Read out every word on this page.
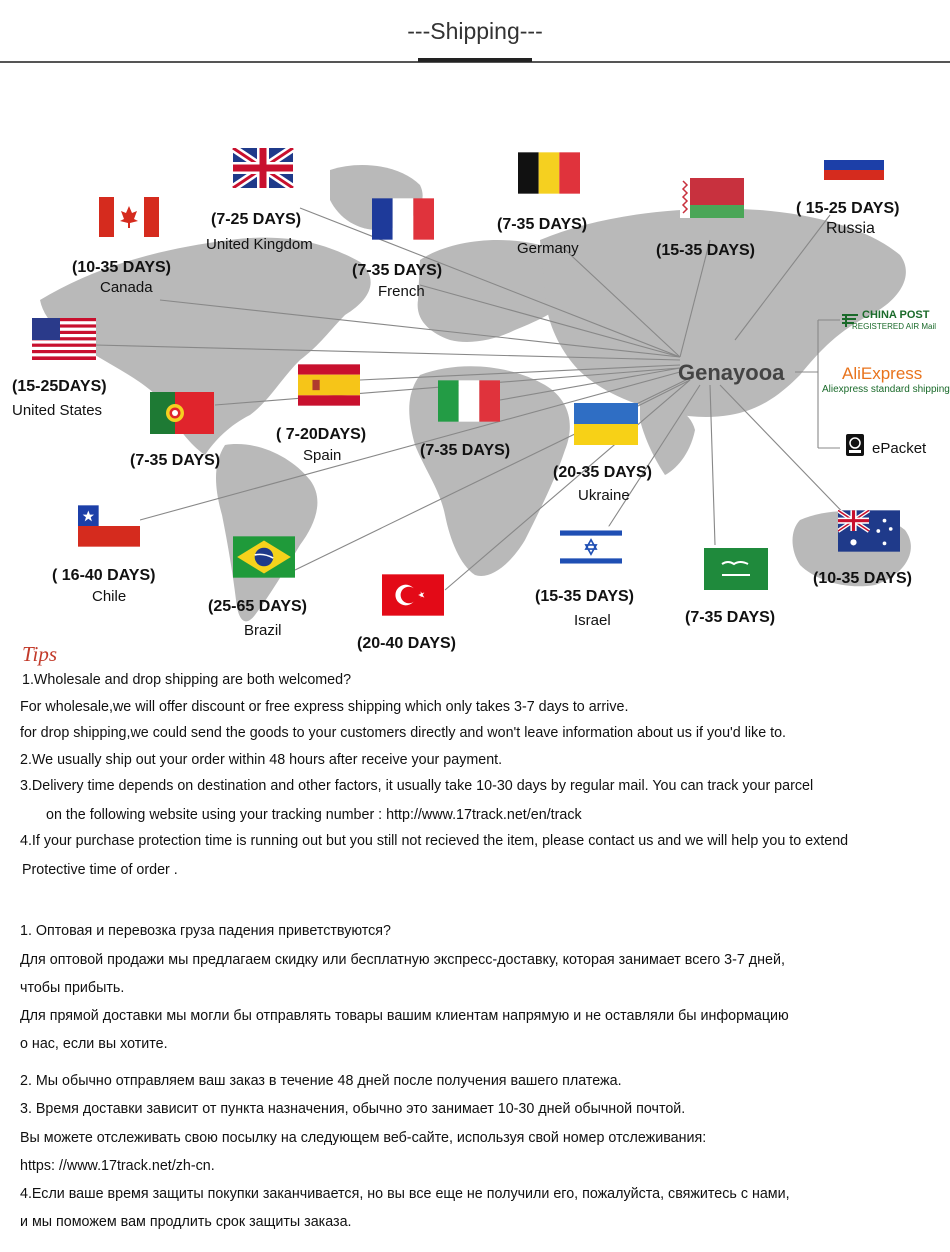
---Shipping---
(7-25 DAYS)
United Kingdom
(10-35 DAYS)
Canada
(7-35 DAYS)
French
(7-35 DAYS)
Germany	(15-35 DAYS)
( 15-25 DAYS)
Russia
(15-25DAYS)
United States
(7-35 DAYS)
( 7-20DAYS)
Spain	(7-35 DAYS)
(20-35 DAYS)
Ukraine
( 16-40 DAYS)
Chile
(25-65 DAYS)
Brazil
(20-40 DAYS)
(15-35 DAYS)
Israel	(7-35 DAYS)
(10-35 DAYS)
Genayooa
CHINA POST
REGISTERED AIR Mail
AliExpress
Aliexpress standard shipping
ePacket
Tips
1.Wholesale and drop shipping are both welcomed?
For wholesale,we will offer discount or free express shipping which only takes 3-7 days to arrive.
for drop shipping,we could send the goods to your customers directly and won't leave information about us if you'd like to.
2.We usually ship out your order within 48 hours after receive your payment.
3.Delivery time depends on destination and other factors, it usually take 10-30 days by regular mail. You can track your parcel
on the following website using your tracking number : http://www.17track.net/en/track
4.If your purchase protection time is running out but you still not recieved the item, please contact us and we will help you to extend
Protective time of order .
1. Оптовая и перевозка груза падения приветствуются?
Для оптовой продажи мы предлагаем скидку или бесплатную экспресс-доставку, которая занимает всего 3-7 дней,
чтобы прибыть.
Для прямой доставки мы могли бы отправлять товары вашим клиентам напрямую и не оставляли бы информацию
о нас, если вы хотите.
2. Мы обычно отправляем ваш заказ в течение 48 дней после получения вашего платежа.
3. Время доставки зависит от пункта назначения, обычно это занимает 10-30 дней обычной почтой.
Вы можете отслеживать свою посылку на следующем веб-сайте, используя свой номер отслеживания:
https: //www.17track.net/zh-cn.
4.Если ваше время защиты покупки заканчивается, но вы все еще не получили его, пожалуйста, свяжитесь с нами,
и мы поможем вам продлить срок защиты заказа.
